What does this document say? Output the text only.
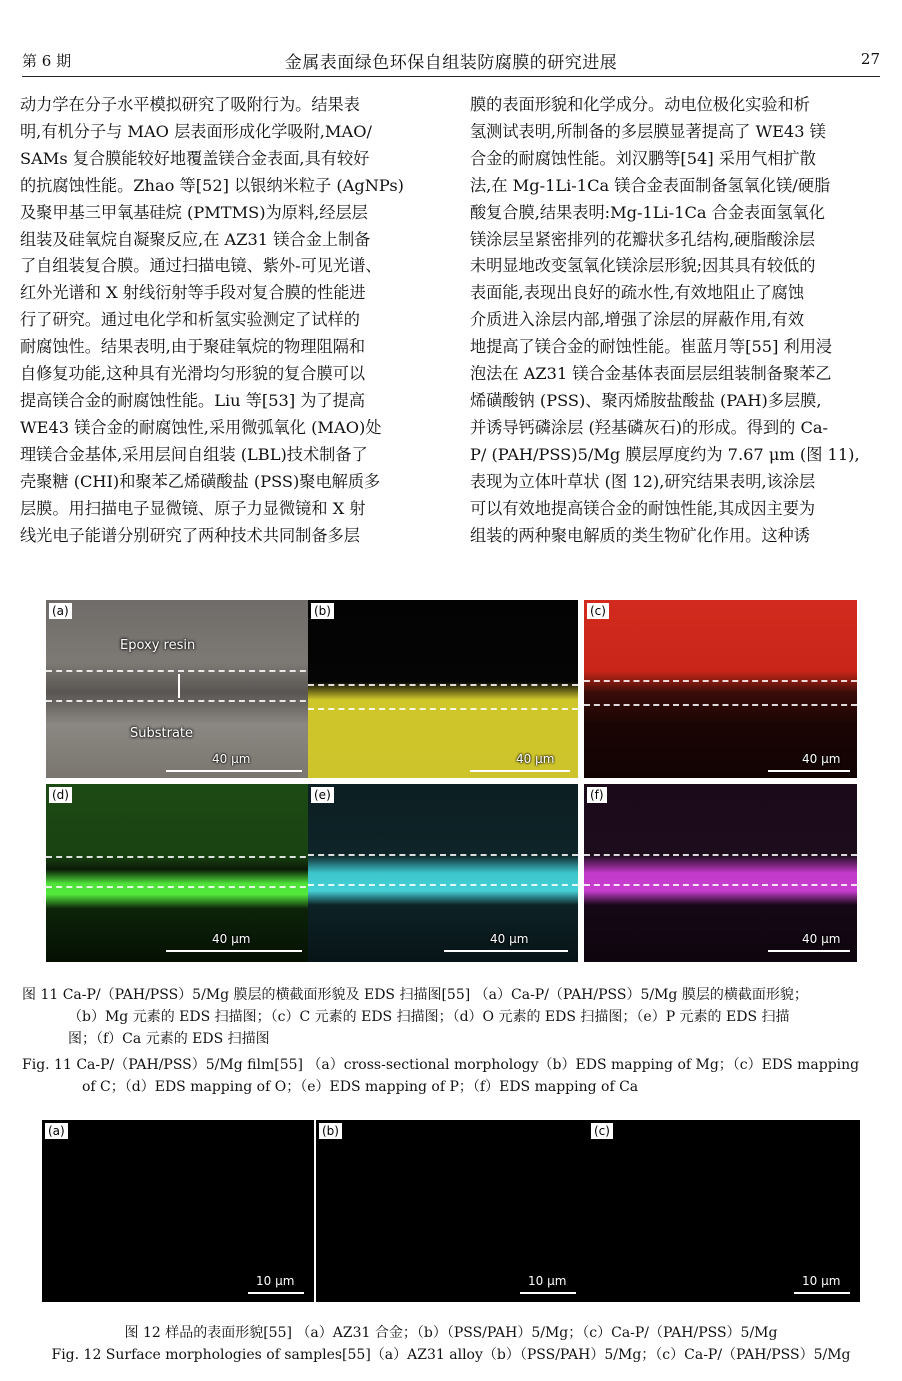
第 6 期	金属表面绿色环保自组装防腐膜的研究进展	27
动力学在分子水平模拟研究了吸附行为。结果表
明,有机分子与 MAO 层表面形成化学吸附,MAO/
SAMs 复合膜能较好地覆盖镁合金表面,具有较好
的抗腐蚀性能。Zhao 等[52] 以银纳米粒子 (AgNPs)
及聚甲基三甲氧基硅烷 (PMTMS)为原料,经层层
组装及硅氧烷自凝聚反应,在 AZ31 镁合金上制备
了自组装复合膜。通过扫描电镜、紫外-可见光谱、
红外光谱和 X 射线衍射等手段对复合膜的性能进
行了研究。通过电化学和析氢实验测定了试样的
耐腐蚀性。结果表明,由于聚硅氧烷的物理阻隔和
自修复功能,这种具有光滑均匀形貌的复合膜可以
提高镁合金的耐腐蚀性能。Liu 等[53] 为了提高
WE43 镁合金的耐腐蚀性,采用微弧氧化 (MAO)处
理镁合金基体,采用层间自组装 (LBL)技术制备了
壳聚糖 (CHI)和聚苯乙烯磺酸盐 (PSS)聚电解质多
层膜。用扫描电子显微镜、原子力显微镜和 X 射
线光电子能谱分别研究了两种技术共同制备多层
膜的表面形貌和化学成分。动电位极化实验和析
氢测试表明,所制备的多层膜显著提高了 WE43 镁
合金的耐腐蚀性能。刘汉鹏等[54] 采用气相扩散
法,在 Mg-1Li-1Ca 镁合金表面制备氢氧化镁/硬脂
酸复合膜,结果表明:Mg-1Li-1Ca 合金表面氢氧化
镁涂层呈紧密排列的花瓣状多孔结构,硬脂酸涂层
未明显地改变氢氧化镁涂层形貌;因其具有较低的
表面能,表现出良好的疏水性,有效地阻止了腐蚀
介质进入涂层内部,增强了涂层的屏蔽作用,有效
地提高了镁合金的耐蚀性能。崔蓝月等[55] 利用浸
泡法在 AZ31 镁合金基体表面层层组装制备聚苯乙
烯磺酸钠 (PSS)、聚丙烯胺盐酸盐 (PAH)多层膜,
并诱导钙磷涂层 (羟基磷灰石)的形成。得到的 Ca-
P/ (PAH/PSS)5/Mg 膜层厚度约为 7.67 μm (图 11),
表现为立体叶草状 (图 12),研究结果表明,该涂层
可以有效地提高镁合金的耐蚀性能,其成因主要为
组装的两种聚电解质的类生物矿化作用。这种诱
(a)
Epoxy resin
Substrate
40 μm
(b)
40 μm
(c)
40 μm
(d)
40 μm
(e)
40 μm
(f)
40 μm
图 11 Ca-P/（PAH/PSS）5/Mg 膜层的横截面形貌及 EDS 扫描图[55] （a）Ca-P/（PAH/PSS）5/Mg 膜层的横截面形貌；
（b）Mg 元素的 EDS 扫描图；（c）C 元素的 EDS 扫描图；（d）O 元素的 EDS 扫描图；（e）P 元素的 EDS 扫描
图；（f）Ca 元素的 EDS 扫描图
Fig. 11 Ca-P/（PAH/PSS）5/Mg film[55] （a）cross-sectional morphology（b）EDS mapping of Mg；（c）EDS mapping
of C；（d）EDS mapping of O；（e）EDS mapping of P；（f）EDS mapping of Ca
(a)
10 μm
(b)
10 μm
(c)
10 μm
图 12 样品的表面形貌[55] （a）AZ31 合金；（b）（PSS/PAH）5/Mg；（c）Ca-P/（PAH/PSS）5/Mg
Fig. 12 Surface morphologies of samples[55]（a）AZ31 alloy（b）（PSS/PAH）5/Mg；（c）Ca-P/（PAH/PSS）5/Mg
